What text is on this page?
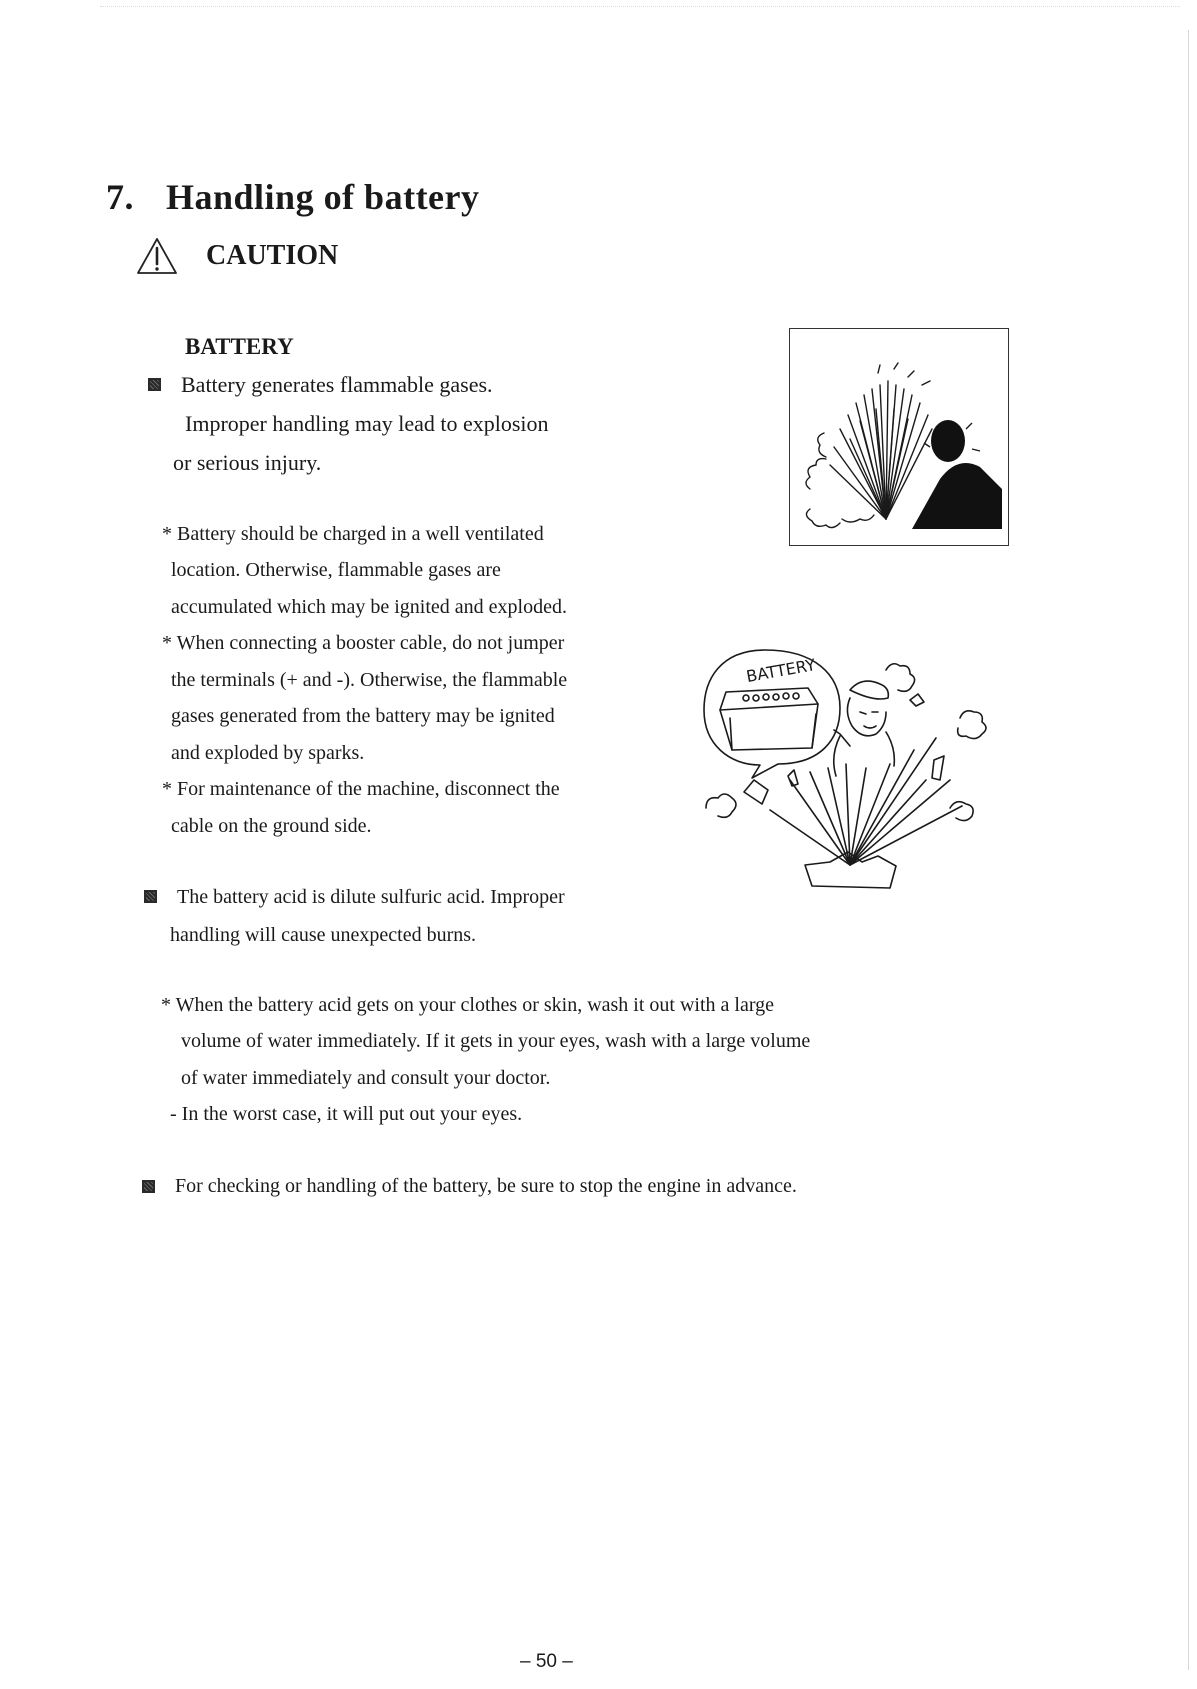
7. Handling of battery
CAUTION
BATTERY

Battery generates flammable gases.

Improper handling may lead to explosion

or serious injury.

* Battery should be charged in a well ventilated

location. Otherwise, flammable gases are

accumulated which may be ignited and exploded.

* When connecting a booster cable, do not jumper

the terminals (+ and -). Otherwise, the flammable

gases generated from the battery may be ignited

and exploded by sparks.

* For maintenance of the machine, disconnect the

cable on the ground side.

The battery acid is dilute sulfuric acid. Improper

handling will cause unexpected burns.

* When the battery acid gets on your clothes or skin, wash it out with a large

volume of water immediately. If it gets in your eyes, wash with a large volume

of water immediately and consult your doctor.

- In the worst case, it will put out your eyes.

For checking or handling of the battery, be sure to stop the engine in advance.

BATTERY
– 50 –
